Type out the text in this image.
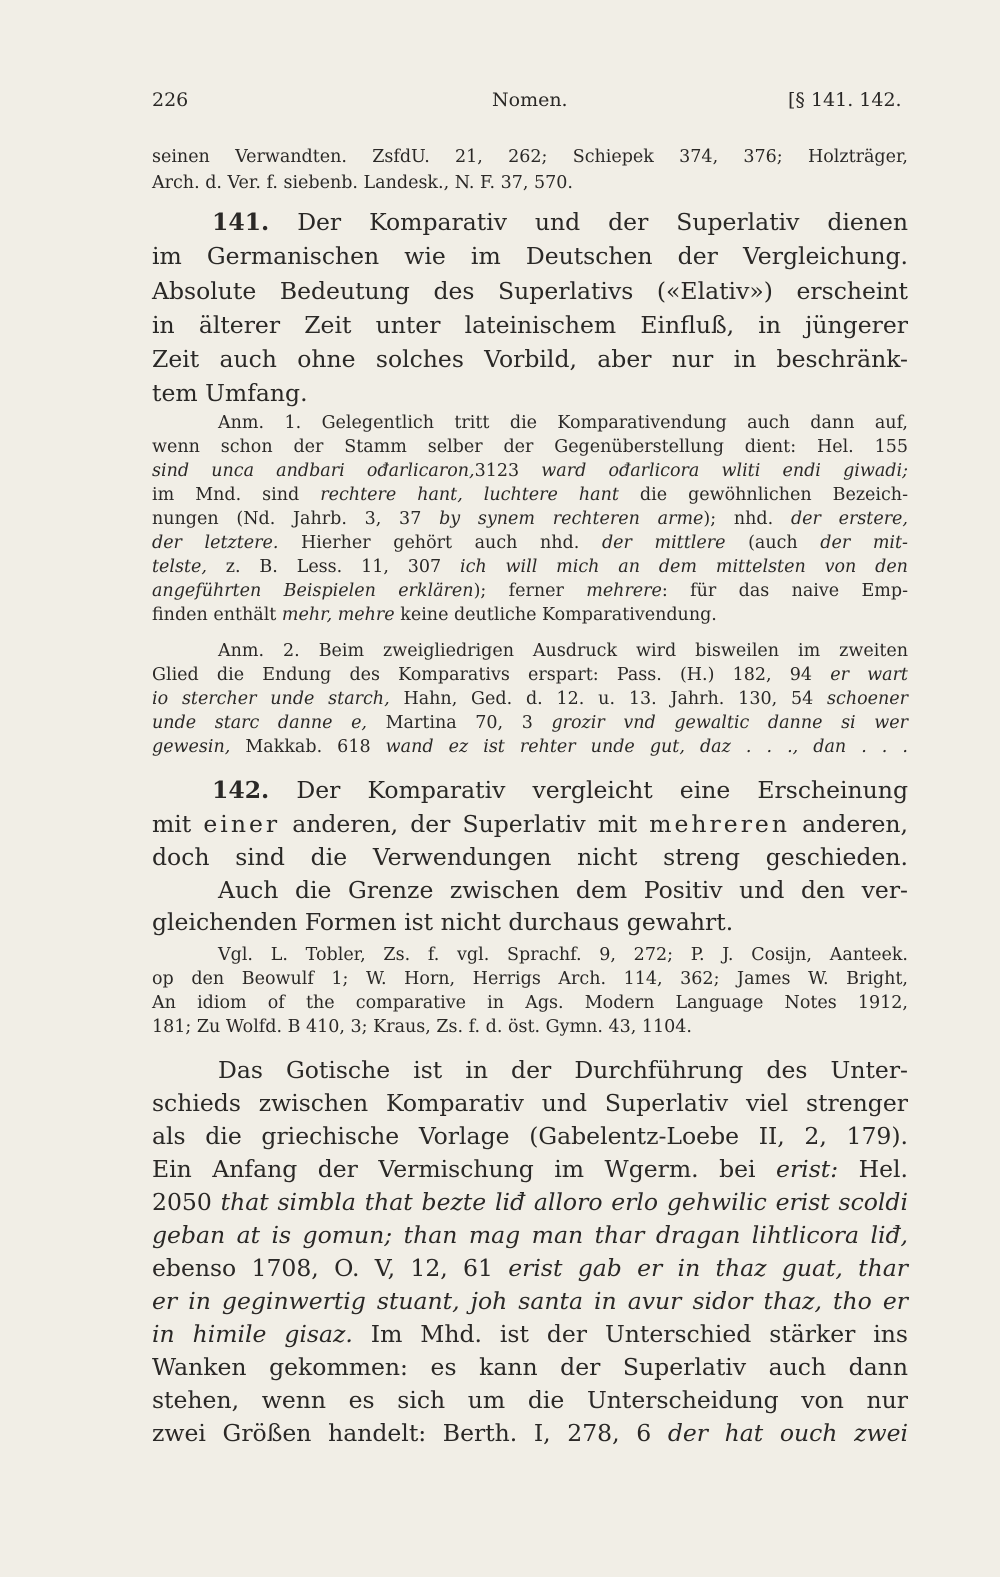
226	Nomen.	[§ 141. 142.
seinen Verwandten. ZsfdU. 21, 262; Schiepek 374, 376; Holzträger,
Arch. d. Ver. f. siebenb. Landesk., N. F. 37, 570.
141. Der Komparativ und der Superlativ dienen
im Germanischen wie im Deutschen der Vergleichung.
Absolute Bedeutung des Superlativs («Elativ») erscheint
in älterer Zeit unter lateinischem Einfluß, in jüngerer
Zeit auch ohne solches Vorbild, aber nur in beschränk-
tem Umfang.
Anm. 1. Gelegentlich tritt die Komparativendung auch dann auf,
wenn schon der Stamm selber der Gegenüberstellung dient: Hel. 155
sind unca andbari ođarlicaron,3123 ward ođarlicora wliti endi giwadi;
im Mnd. sind rechtere hant, luchtere hant die gewöhnlichen Bezeich-
nungen (Nd. Jahrb. 3, 37 by synem rechteren arme); nhd. der erstere,
der letztere. Hierher gehört auch nhd. der mittlere (auch der mit-
telste, z. B. Less. 11, 307 ich will mich an dem mittelsten von den
angeführten Beispielen erklären); ferner mehrere: für das naive Emp-
finden enthält mehr, mehre keine deutliche Komparativendung.
Anm. 2. Beim zweigliedrigen Ausdruck wird bisweilen im zweiten
Glied die Endung des Komparativs erspart: Pass. (H.) 182, 94 er wart
io stercher unde starch, Hahn, Ged. d. 12. u. 13. Jahrh. 130, 54 schoener
unde starc danne e, Martina 70, 3 grozir vnd gewaltic danne si wer
gewesin, Makkab. 618 wand ez ist rehter unde gut, daz . . ., dan . . .
142. Der Komparativ vergleicht eine Erscheinung
mit einer anderen, der Superlativ mit mehreren anderen,
doch sind die Verwendungen nicht streng geschieden.
Auch die Grenze zwischen dem Positiv und den ver-
gleichenden Formen ist nicht durchaus gewahrt.
Vgl. L. Tobler, Zs. f. vgl. Sprachf. 9, 272; P. J. Cosijn, Aanteek.
op den Beowulf 1; W. Horn, Herrigs Arch. 114, 362; James W. Bright,
An idiom of the comparative in Ags. Modern Language Notes 1912,
181; Zu Wolfd. B 410, 3; Kraus, Zs. f. d. öst. Gymn. 43, 1104.
Das Gotische ist in der Durchführung des Unter-
schieds zwischen Komparativ und Superlativ viel strenger
als die griechische Vorlage (Gabelentz-Loebe II, 2, 179).
Ein Anfang der Vermischung im Wgerm. bei erist: Hel.
2050 that simbla that bezte liđ alloro erlo gehwilic erist scoldi
geban at is gomun; than mag man thar dragan lihtlicora liđ,
ebenso 1708, O. V, 12, 61 erist gab er in thaz guat, thar
er in geginwertig stuant, joh santa in avur sidor thaz, tho er
in himile gisaz. Im Mhd. ist der Unterschied stärker ins
Wanken gekommen: es kann der Superlativ auch dann
stehen, wenn es sich um die Unterscheidung von nur
zwei Größen handelt: Berth. I, 278, 6 der hat ouch zwei
